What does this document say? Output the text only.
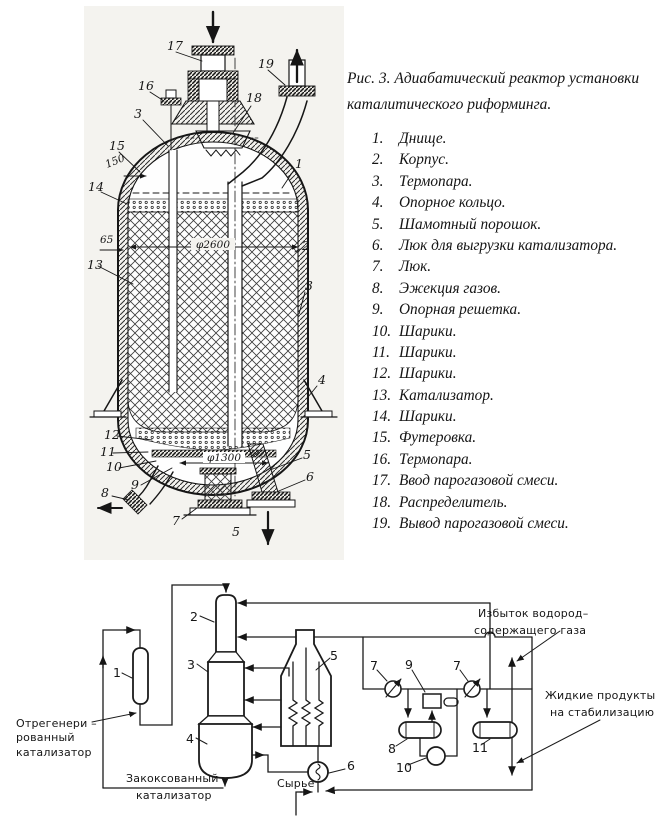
Рис. 3. Адиабатический реактор установки
каталитического риформинга.
1.	Днище.
2.	Корпус.
3.	Термопара.
4.	Опорное кольцо.
5.	Шамотный порошок.
6.	Люк для выгрузки катализатора.
7.	Люк.
8.	Эжекция газов.
9.	Опорная решетка.
10. Шарики.
11. Шарики.
12. Шарики.
13. Катализатор.
14. Шарики.
15. Футеровка.
16. Термопара.
17. Ввод парогазовой смеси.
18. Распределитель.
19. Вывод парогазовой смеси.
φ2600
φ1300
150
65
17
19
16
18
3
1
15
14
13
2
3
4
12
11
10
9
8
7
5
5
6
1
2
3
4
5
6
7	7
8
9
10
11
Отрегенери –
рованный
катализатор
Закоксованный
катализатор
Сырье
Избыток водород–
содержащего газа
Жидкие продукты
на стабилизацию
